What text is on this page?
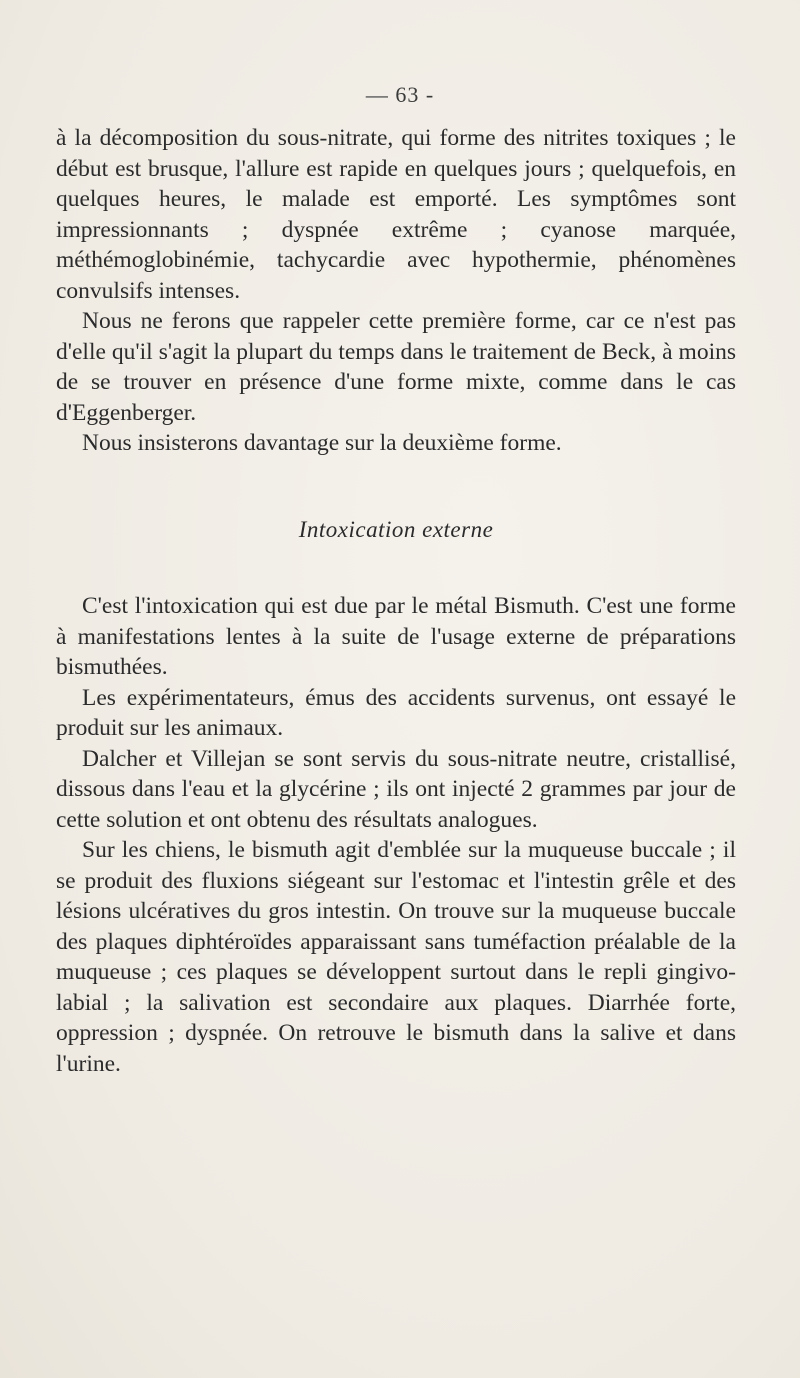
— 63 -

à la décomposition du sous-nitrate, qui forme des nitrites toxiques ; le début est brusque, l'allure est rapide en quelques jours ; quelquefois, en quelques heures, le malade est emporté. Les symptômes sont impressionnants ; dyspnée extrême ; cyanose marquée, méthémoglobinémie, tachycardie avec hypothermie, phénomènes convulsifs intenses.

Nous ne ferons que rappeler cette première forme, car ce n'est pas d'elle qu'il s'agit la plupart du temps dans le traitement de Beck, à moins de se trouver en présence d'une forme mixte, comme dans le cas d'Eggenberger.

Nous insisterons davantage sur la deuxième forme.

Intoxication externe

C'est l'intoxication qui est due par le métal Bismuth. C'est une forme à manifestations lentes à la suite de l'usage externe de préparations bismuthées.

Les expérimentateurs, émus des accidents survenus, ont essayé le produit sur les animaux.

Dalcher et Villejan se sont servis du sous-nitrate neutre, cristallisé, dissous dans l'eau et la glycérine ; ils ont injecté 2 grammes par jour de cette solution et ont obtenu des résultats analogues.

Sur les chiens, le bismuth agit d'emblée sur la muqueuse buccale ; il se produit des fluxions siégeant sur l'estomac et l'intestin grêle et des lésions ulcératives du gros intestin. On trouve sur la muqueuse buccale des plaques diphtéroïdes apparaissant sans tuméfaction préalable de la muqueuse ; ces plaques se développent surtout dans le repli gingivo-labial ; la salivation est secondaire aux plaques. Diarrhée forte, oppression ; dyspnée. On retrouve le bismuth dans la salive et dans l'urine.
